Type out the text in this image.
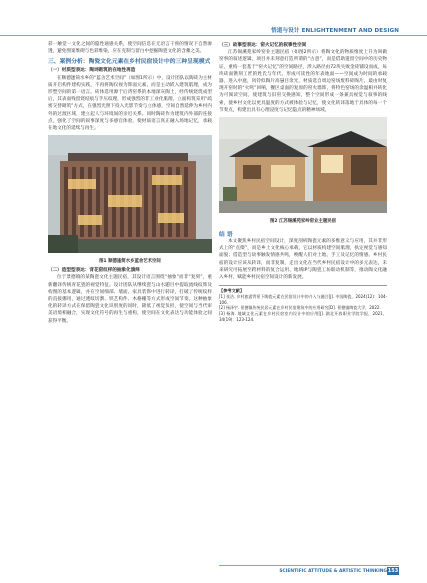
悟道与设计 ENLIGHTENMENT AND DESIGN

彩一触觉一文化之间的隐性通感关系，使空间信息在无语言干预的情况下自然渗透，避免图案堆砌与色彩堆染，应在克制与留白中挖掘陶瓷文化的含蓄之美。

三、案例分析：陶瓷文化元素在乡村民宿设计中的三种呈现模式
（一）材质型表达：陶词砌筑的在地性再造

在顺德逢简水乡的“蓝舍艺术空间”（如图1所示）中，设计团队以陶砖为主材质开启构件建构实践，不再将陶仅视为饰面元素，而是主动嵌入建筑肌理，成为形塑空间的第一语言。砖体选用源于后湾窑系的本地深灰陶土，经传统烧烧成型后，其表面残留烧结痕与手压纹理，形成强烈的非工业化肌理。立面构筑采用“疏密交替砌筑”方式，在强烈光照下投入光影节奏与立体感，空间自然延伸为乡村内外的过渡区域，建立起人与环境间的亲近关系。同时陶砖作为建筑内外部的连接点，强化了空间的叙事深度与多感官体验，使材质语言真正融入场地记忆，承载在地文化的延续与再生。

图1 顺德逢简水乡蓝舍艺术空间
（二）造型型表达：背花窑纹样的抽象化演绎

位于景德镇的某陶瓷文化主题民宿，其设计语言围绕“抽象”而非“复刻”，重新翻译传统青花瓷的视觉特征。设计团队从继续瓷与山水題目中提取流线纹饰及构图的基本逻辑，并在空间细部、墙面、家具装饰中进行转译，打破了传统纹样的直接挪用，通过透纹切割、铁艺构件、木格栅等方式形成空间节奏。这种抽象化的转译方式在保留陶瓷文化识别度的同时，降低了视觉负担，使空间与当代审美语境相融合，实现文化符号的再生与重构，使空间在文化表达与功能体验之间获得平衡。

（三）故事型表达：窑火记忆的叙事性空间

江苏锡溪苑家岭窑业主题民宿（如图2所示）将陶文化的物质维度上升为叫做窑事的叙述逻辑，项目并未刻意打造所谓的“古意”，而是借助遗留空间中的历史物证，重构一套基于“窑火记忆”的空间路径，涉入路径由72块失败金砖铺设而成，每块砖面镌刻工匠的姓氏与年代，形成可读性的年表地面——空间成为时间的承载器，进入中庭，风铃似陶片高悬目余光，材质选自周边窑场废料碎陶片，最由时复现开窑时的“火鸣”回响，餐区桌面的复原的窑火墙饰，将特色窑场的余温相并转化为可阅读空间，使建筑与旧窑交换感知，整个空间形成一条兼具视觉与叙事的线索，使乡村文化以更具温度的方式被体验与记忆，使文化转译落地于具体的每一个节奏点，构建出具有心理浸度与记忆隐点的精神场域。

图2 江苏锡溪苑家岭窑业主题民宿
结 语

本文聚焦乡村民宿空间设计，深度剖析陶瓷元素的多维意义与应用，其并非形式上的“点缀”，而是乡土文化核心承载，它以材质构建空间肌理，执定视觉与感知面貌；借造型与故事触发情感共鸣，唤醒人们对土地、手工及记忆的情感。乡村民宿的设计应该从转译，而非复制，走出文化在当代乡村民宿设计中的多元表达，未来研究可拓展至跨材料的复合运用、地域IP与陶瓷工坊联动机制等，推动陶文化融入乡村，赋能乡村民宿空间设计的新发展。

【参考文献】

[1] 张洁. 乡村旅游背景下陶瓷元素在民宿设计中的介入与融合[J]. 中国陶瓷，2024(12)：104-106.

[2] 杨泽宇. 景德镇传统民居元素在乡村民宿建筑中的应用研究[D]. 景德镇陶瓷大学，2022.

[3] 杨海. 地域文化元素在乡村民宿室内设计中的应用[J]. 湖北开放职业学院学报，2021，34(19)：123-124.

SCIENTIFIC ATTITUDE & ARTISTIC THINKING 153
